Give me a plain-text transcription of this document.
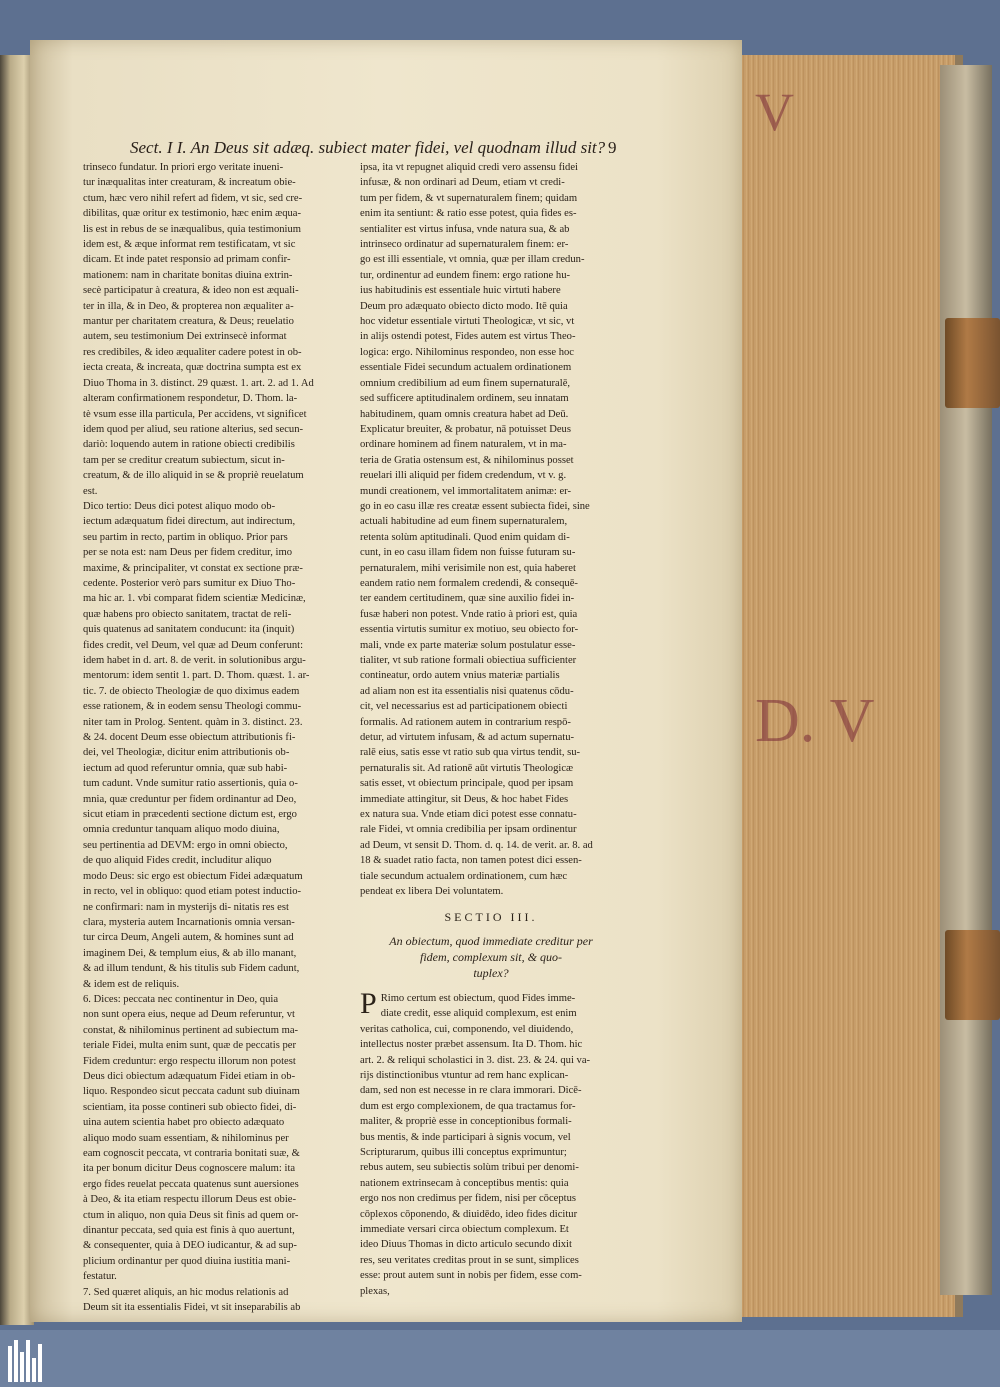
V
D. V
Sect. I I. An Deus sit adæq. subiect mater fidei, vel quodnam illud sit? 9
trinseco fundatur. In priori ergo veritate inueni-
tur inæqualitas inter creaturam, & increatum obie-
ctum, hæc vero nihil refert ad fidem, vt sic, sed cre-
dibilitas, quæ oritur ex testimonio, hæc enim æqua-
lis est in rebus de se inæqualibus, quia testimonium
idem est, & æque informat rem testificatam, vt sic
dicam. Et inde patet responsio ad primam confir-
mationem: nam in charitate bonitas diuina extrin-
secè participatur à creatura, & ideo non est æquali-
ter in illa, & in Deo, & propterea non æqualiter a-
mantur per charitatem creatura, & Deus; reuelatio
autem, seu testimonium Dei extrinsecè informat
res credibiles, & ideo æqualiter cadere potest in ob-
iecta creata, & increata, quæ doctrina sumpta est ex
Diuo Thoma in 3. distinct. 29 quæst. 1. art. 2. ad 1. Ad
alteram confirmationem respondetur, D. Thom. la-
tè vsum esse illa particula, Per accidens, vt significet
idem quod per aliud, seu ratione alterius, sed secun-
dariò: loquendo autem in ratione obiecti credibilis
tam per se creditur creatum subiectum, sicut in-
creatum, & de illo aliquid in se & propriè reuelatum
est.
Dico tertio: Deus dici potest aliquo modo ob-
iectum adæquatum fidei directum, aut indirectum,
seu partim in recto, partim in obliquo. Prior pars
per se nota est: nam Deus per fidem creditur, imo
maxime, & principaliter, vt constat ex sectione præ-
cedente. Posterior verò pars sumitur ex Diuo Tho-
ma hic ar. 1. vbi comparat fidem scientiæ Medicinæ,
quæ habens pro obiecto sanitatem, tractat de reli-
quis quatenus ad sanitatem conducunt: ita (inquit)
fides credit, vel Deum, vel quæ ad Deum conferunt:
idem habet in d. art. 8. de verit. in solutionibus argu-
mentorum: idem sentit 1. part. D. Thom. quæst. 1. ar-
tic. 7. de obiecto Theologiæ de quo diximus eadem
esse rationem, & in eodem sensu Theologi commu-
niter tam in Prolog. Sentent. quàm in 3. distinct. 23.
& 24. docent Deum esse obiectum attributionis fi-
dei, vel Theologiæ, dicitur enim attributionis ob-
iectum ad quod referuntur omnia, quæ sub habi-
tum cadunt. Vnde sumitur ratio assertionis, quia o-
mnia, quæ creduntur per fidem ordinantur ad Deo,
sicut etiam in præcedenti sectione dictum est, ergo
omnia creduntur tanquam aliquo modo diuina,
seu pertinentia ad DEVM: ergo in omni obiecto,
de quo aliquid Fides credit, includitur aliquo
modo Deus: sic ergo est obiectum Fidei adæquatum
in recto, vel in obliquo: quod etiam potest inductio-
ne confirmari: nam in mysterijs di- nitatis res est
clara, mysteria autem Incarnationis omnia versan-
tur circa Deum, Angeli autem, & homines sunt ad
imaginem Dei, & templum eius, & ab illo manant,
& ad illum tendunt, & his titulis sub Fidem cadunt,
& idem est de reliquis.
6. Dices: peccata nec continentur in Deo, quia
non sunt opera eius, neque ad Deum referuntur, vt
constat, & nihilominus pertinent ad subiectum ma-
teriale Fidei, multa enim sunt, quæ de peccatis per
Fidem creduntur: ergo respectu illorum non potest
Deus dici obiectum adæquatum Fidei etiam in ob-
liquo. Respondeo sicut peccata cadunt sub diuinam
scientiam, ita posse contineri sub obiecto fidei, di-
uina autem scientia habet pro obiecto adæquato
aliquo modo suam essentiam, & nihilominus per
eam cognoscit peccata, vt contraria bonitati suæ, &
ita per bonum dicitur Deus cognoscere malum: ita
ergo fides reuelat peccata quatenus sunt auersiones
à Deo, & ita etiam respectu illorum Deus est obie-
ctum in aliquo, non quia Deus sit finis ad quem or-
dinantur peccata, sed quia est finis à quo auertunt,
& consequenter, quia à DEO iudicantur, & ad sup-
plicium ordinantur per quod diuina iustitia mani-
festatur.
7. Sed quæret aliquis, an hic modus relationis ad
Deum sit ita essentialis Fidei, vt sit inseparabilis ab
ipsa, ita vt repugnet aliquid credi vero assensu fidei
infusæ, & non ordinari ad Deum, etiam vt credi-
tum per fidem, & vt supernaturalem finem; quidam
enim ita sentiunt: & ratio esse potest, quia fides es-
sentialiter est virtus infusa, vnde natura sua, & ab
intrinseco ordinatur ad supernaturalem finem: er-
go est illi essentiale, vt omnia, quæ per illam credun-
tur, ordinentur ad eundem finem: ergo ratione hu-
ius habitudinis est essentiale huic virtuti habere
Deum pro adæquato obiecto dicto modo. Itē quia
hoc videtur essentiale virtuti Theologicæ, vt sic, vt
in alijs ostendi potest, Fides autem est virtus Theo-
logica: ergo. Nihilominus respondeo, non esse hoc
essentiale Fidei secundum actualem ordinationem
omnium credibilium ad eum finem supernaturalē,
sed sufficere aptitudinalem ordinem, seu innatam
habitudinem, quam omnis creatura habet ad Deū.
Explicatur breuiter, & probatur, nā potuisset Deus
ordinare hominem ad finem naturalem, vt in ma-
teria de Gratia ostensum est, & nihilominus posset
reuelari illi aliquid per fidem credendum, vt v. g.
mundi creationem, vel immortalitatem animæ: er-
go in eo casu illæ res creatæ essent subiecta fidei, sine
actuali habitudine ad eum finem supernaturalem,
retenta solùm aptitudinali. Quod enim quidam di-
cunt, in eo casu illam fidem non fuisse futuram su-
pernaturalem, mihi verisimile non est, quia haberet
eandem ratio nem formalem credendi, & consequē-
ter eandem certitudinem, quæ sine auxilio fidei in-
fusæ haberi non potest. Vnde ratio à priori est, quia
essentia virtutis sumitur ex motiuo, seu obiecto for-
mali, vnde ex parte materiæ solum postulatur esse-
tialiter, vt sub ratione formali obiectiua sufficienter
contineatur, ordo autem vnius materiæ partialis
ad aliam non est ita essentialis nisi quatenus cōdu-
cit, vel necessarius est ad participationem obiecti
formalis. Ad rationem autem in contrarium respō-
detur, ad virtutem infusam, & ad actum supernatu-
ralē eius, satis esse vt ratio sub qua virtus tendit, su-
pernaturalis sit. Ad rationē aūt virtutis Theologicæ
satis esset, vt obiectum principale, quod per ipsam
immediate attingitur, sit Deus, & hoc habet Fides
ex natura sua. Vnde etiam dici potest esse connatu-
rale Fidei, vt omnia credibilia per ipsam ordinentur
ad Deum, vt sensit D. Thom. d. q. 14. de verit. ar. 8. ad
18 & suadet ratio facta, non tamen potest dici essen-
tiale secundum actualem ordinationem, cum hæc
pendeat ex libera Dei voluntatem.
SECTIO III.
An obiectum, quod immediate creditur per
fidem, complexum sit, & quo-
tuplex?
P Rimo certum est obiectum, quod Fides imme-
diate credit, esse aliquid complexum, est enim
veritas catholica, cui, componendo, vel diuidendo,
intellectus noster præbet assensum. Ita D. Thom. hic
art. 2. & reliqui scholastici in 3. dist. 23. & 24. qui va-
rijs distinctionibus vtuntur ad rem hanc explican-
dam, sed non est necesse in re clara immorari. Dicē-
dum est ergo complexionem, de qua tractamus for-
maliter, & propriè esse in conceptionibus formali-
bus mentis, & inde participari à signis vocum, vel
Scripturarum, quibus illi conceptus exprimuntur;
rebus autem, seu subiectis solùm tribui per denomi-
nationem extrinsecam à conceptibus mentis: quia
ergo nos non credimus per fidem, nisi per cōceptus
cōplexos cōponendo, & diuidēdo, ideo fides dicitur
immediate versari circa obiectum complexum. Et
ideo Diuus Thomas in dicto articulo secundo dixit
res, seu veritates creditas prout in se sunt, simplices
esse: prout autem sunt in nobis per fidem, esse com-
plexas,
